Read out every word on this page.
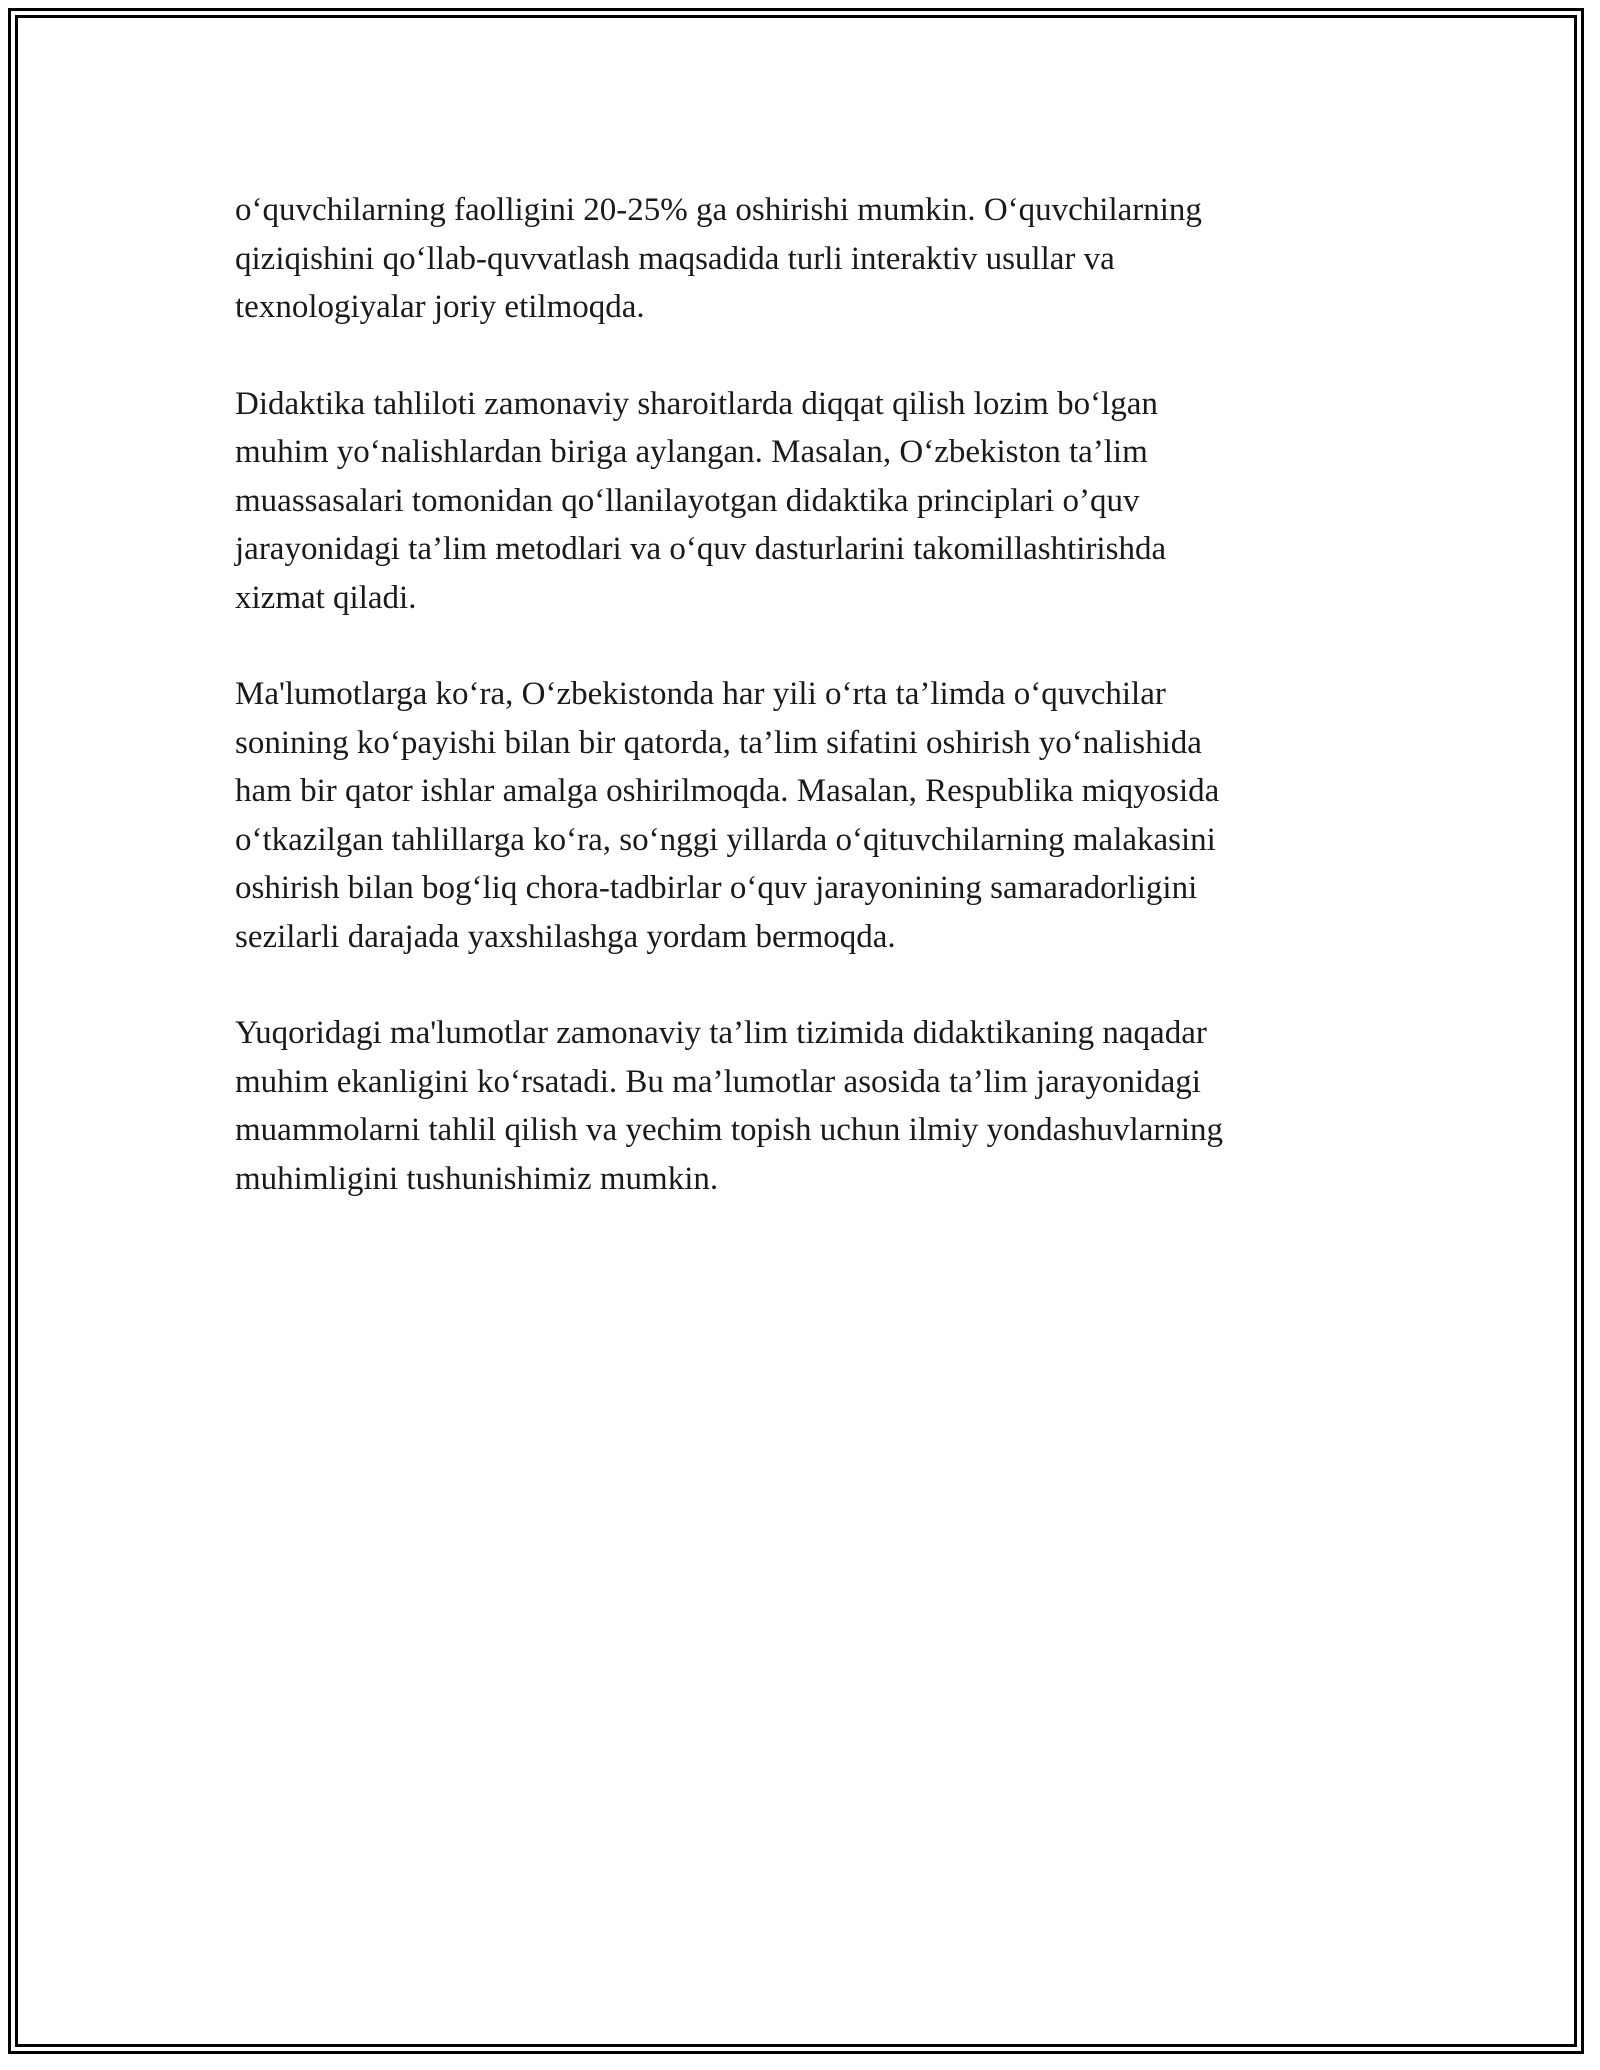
o‘quvchilarning faolligini 20-25% ga oshirishi mumkin. O‘quvchilarning
qiziqishini qo‘llab-quvvatlash maqsadida turli interaktiv usullar va
texnologiyalar joriy etilmoqda.

Didaktika tahliloti zamonaviy sharoitlarda diqqat qilish lozim bo‘lgan
muhim yo‘nalishlardan biriga aylangan. Masalan, O‘zbekiston ta’lim
muassasalari tomonidan qo‘llanilayotgan didaktika principlari o’quv
jarayonidagi ta’lim metodlari va o‘quv dasturlarini takomillashtirishda
xizmat qiladi.

Ma'lumotlarga ko‘ra, O‘zbekistonda har yili o‘rta ta’limda o‘quvchilar
sonining ko‘payishi bilan bir qatorda, ta’lim sifatini oshirish yo‘nalishida
ham bir qator ishlar amalga oshirilmoqda. Masalan, Respublika miqyosida
o‘tkazilgan tahlillarga ko‘ra, so‘nggi yillarda o‘qituvchilarning malakasini
oshirish bilan bog‘liq chora-tadbirlar o‘quv jarayonining samaradorligini
sezilarli darajada yaxshilashga yordam bermoqda.

Yuqoridagi ma'lumotlar zamonaviy ta’lim tizimida didaktikaning naqadar
muhim ekanligini ko‘rsatadi. Bu ma’lumotlar asosida ta’lim jarayonidagi
muammolarni tahlil qilish va yechim topish uchun ilmiy yondashuvlarning
muhimligini tushunishimiz mumkin.
